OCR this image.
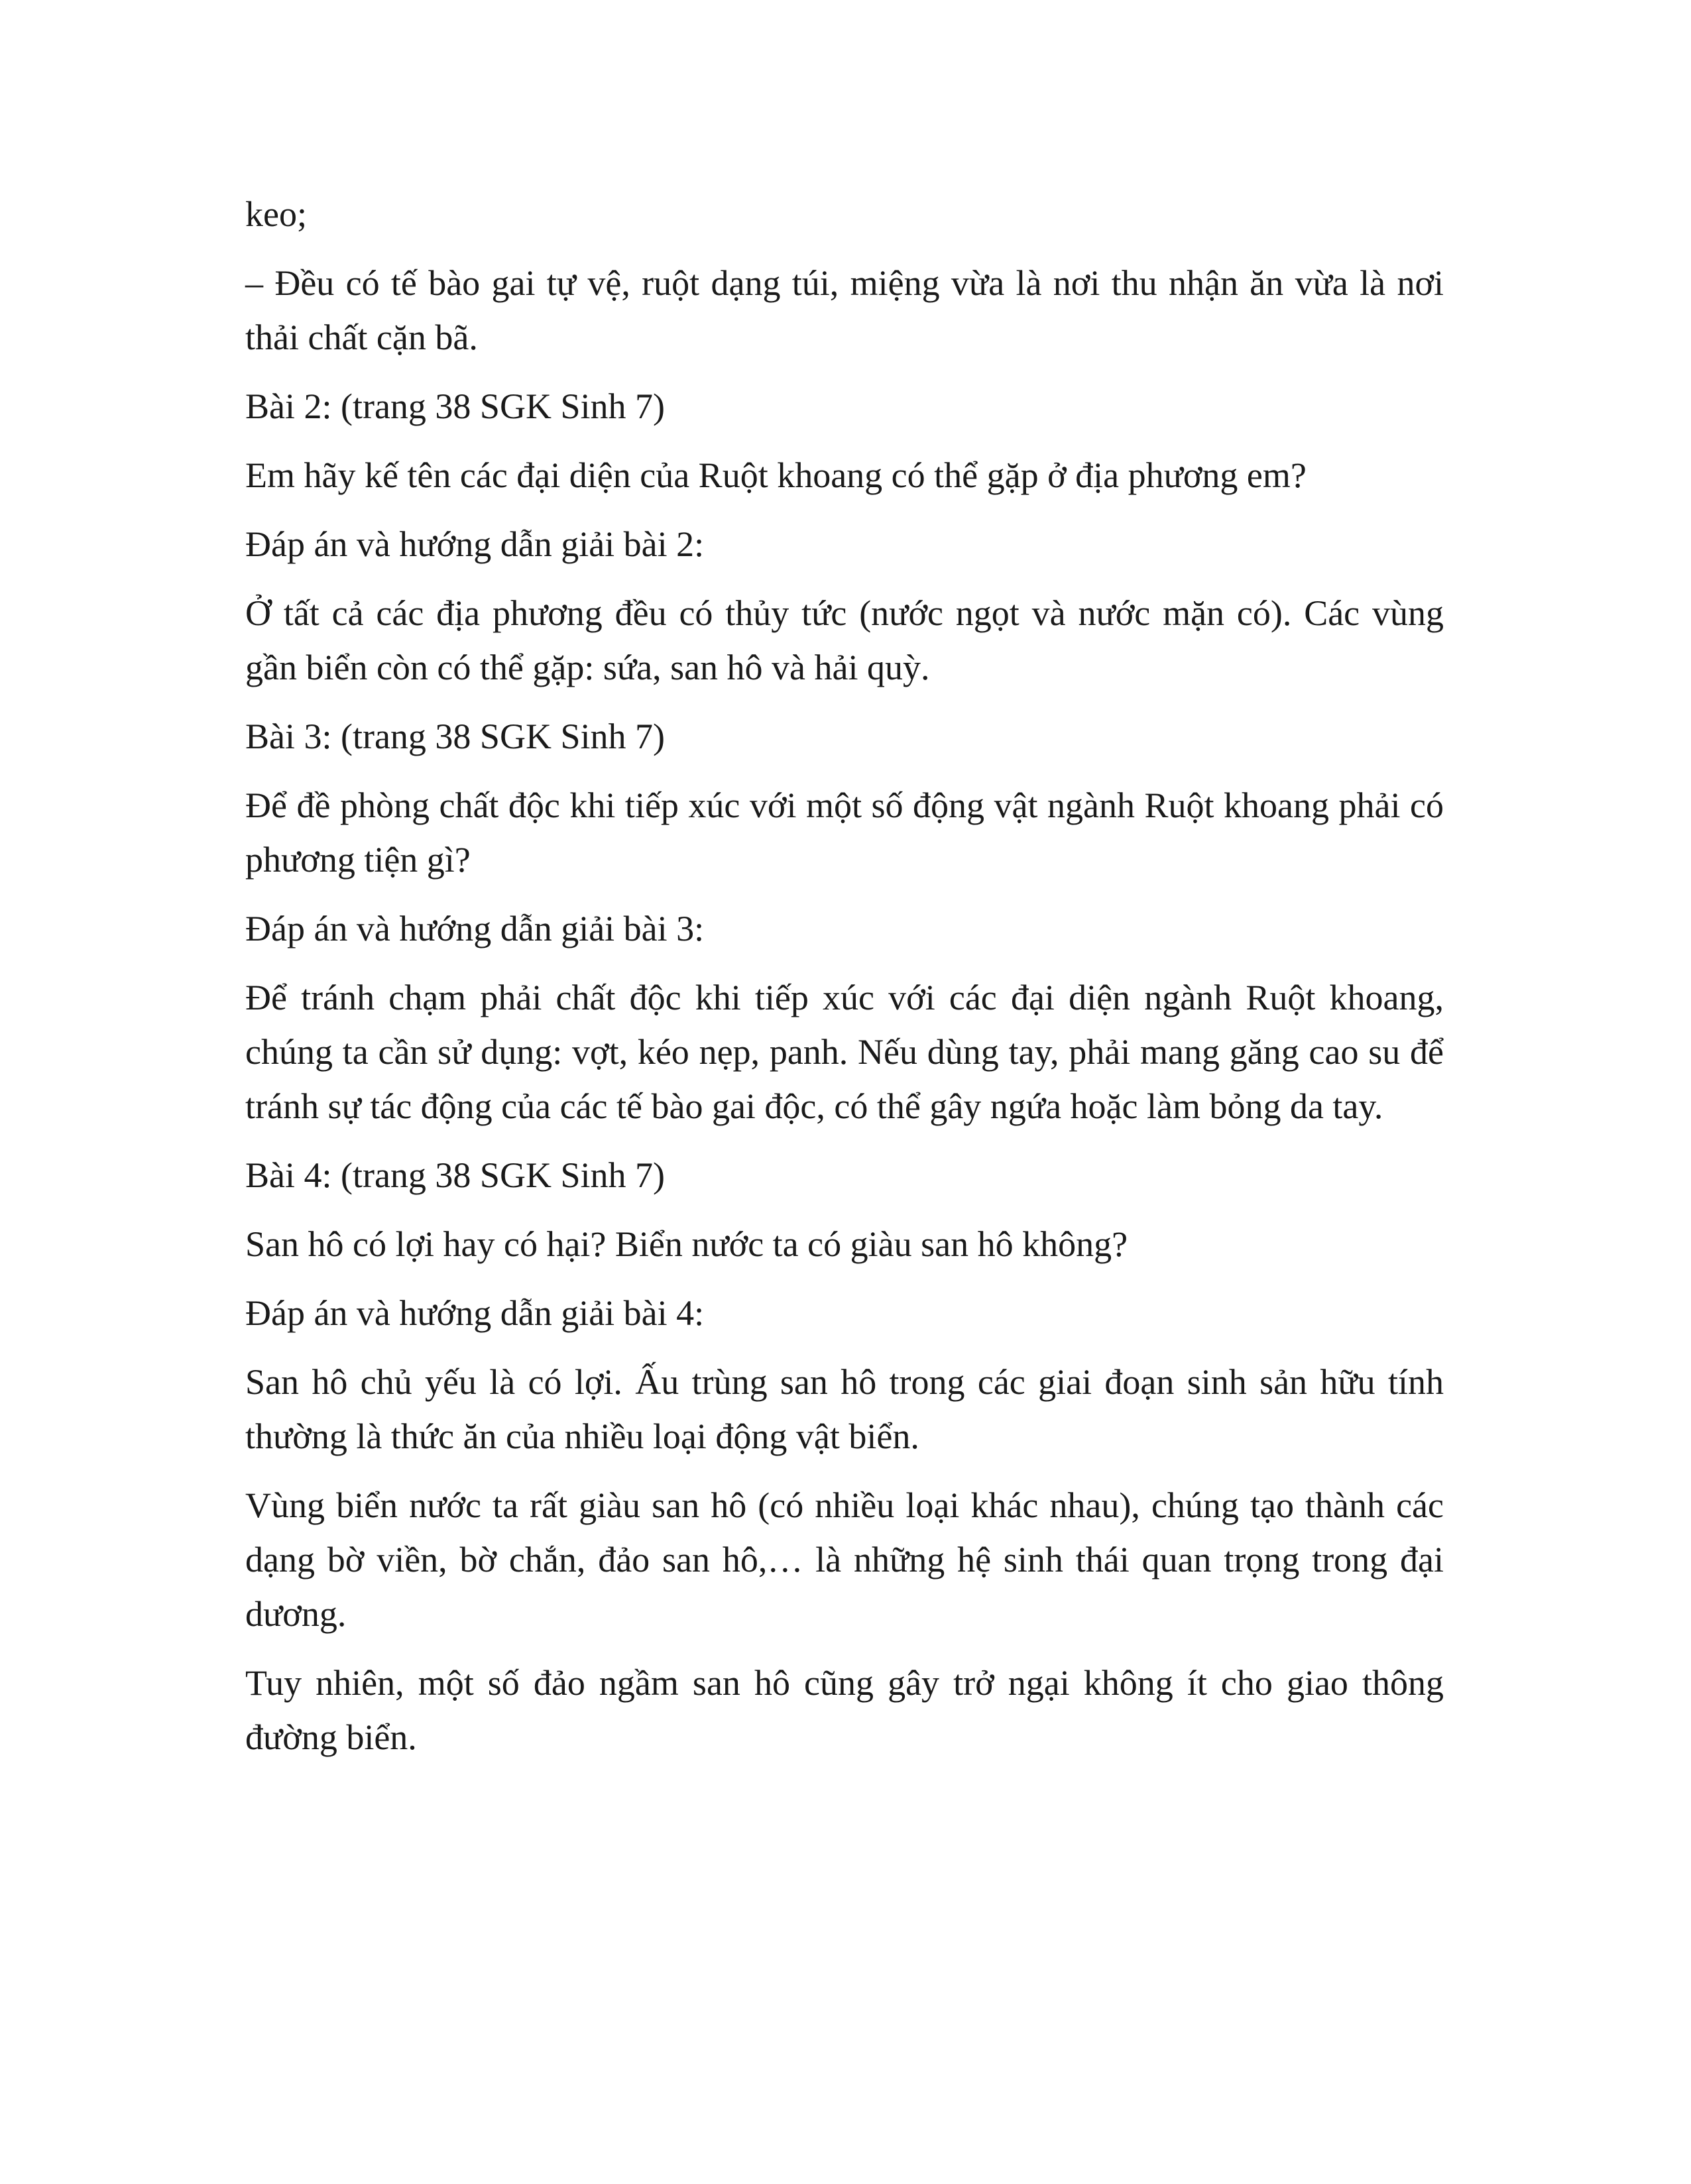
keo;

– Đều có tế bào gai tự vệ, ruột dạng túi, miệng vừa là nơi thu nhận ăn vừa là nơi thải chất cặn bã.

Bài 2: (trang 38 SGK Sinh 7)

Em hãy kế tên các đại diện của Ruột khoang có thể gặp ở địa phương em?

Đáp án và hướng dẫn giải bài 2:

Ở tất cả các địa phương đều có thủy tức (nước ngọt và nước mặn có). Các vùng gần biển còn có thể gặp: sứa, san hô và hải quỳ.

Bài 3: (trang 38 SGK Sinh 7)

Để đề phòng chất độc khi tiếp xúc với một số động vật ngành Ruột khoang phải có phương tiện gì?

Đáp án và hướng dẫn giải bài 3:

Để tránh chạm phải chất độc khi tiếp xúc với các đại diện ngành Ruột khoang, chúng ta cần sử dụng: vợt, kéo nẹp, panh. Nếu dùng tay, phải mang găng cao su để tránh sự tác động của các tế bào gai độc, có thể gây ngứa hoặc làm bỏng da tay.

Bài 4: (trang 38 SGK Sinh 7)

San hô có lợi hay có hại? Biển nước ta có giàu san hô không?

Đáp án và hướng dẫn giải bài 4:

San hô chủ yếu là có lợi. Ấu trùng san hô trong các giai đoạn sinh sản hữu tính thường là thức ăn của nhiều loại động vật biển.

Vùng biển nước ta rất giàu san hô (có nhiều loại khác nhau), chúng tạo thành các dạng bờ viền, bờ chắn, đảo san hô,… là những hệ sinh thái quan trọng trong đại dương.

Tuy nhiên, một số đảo ngầm san hô cũng gây trở ngại không ít cho giao thông đường biển.
